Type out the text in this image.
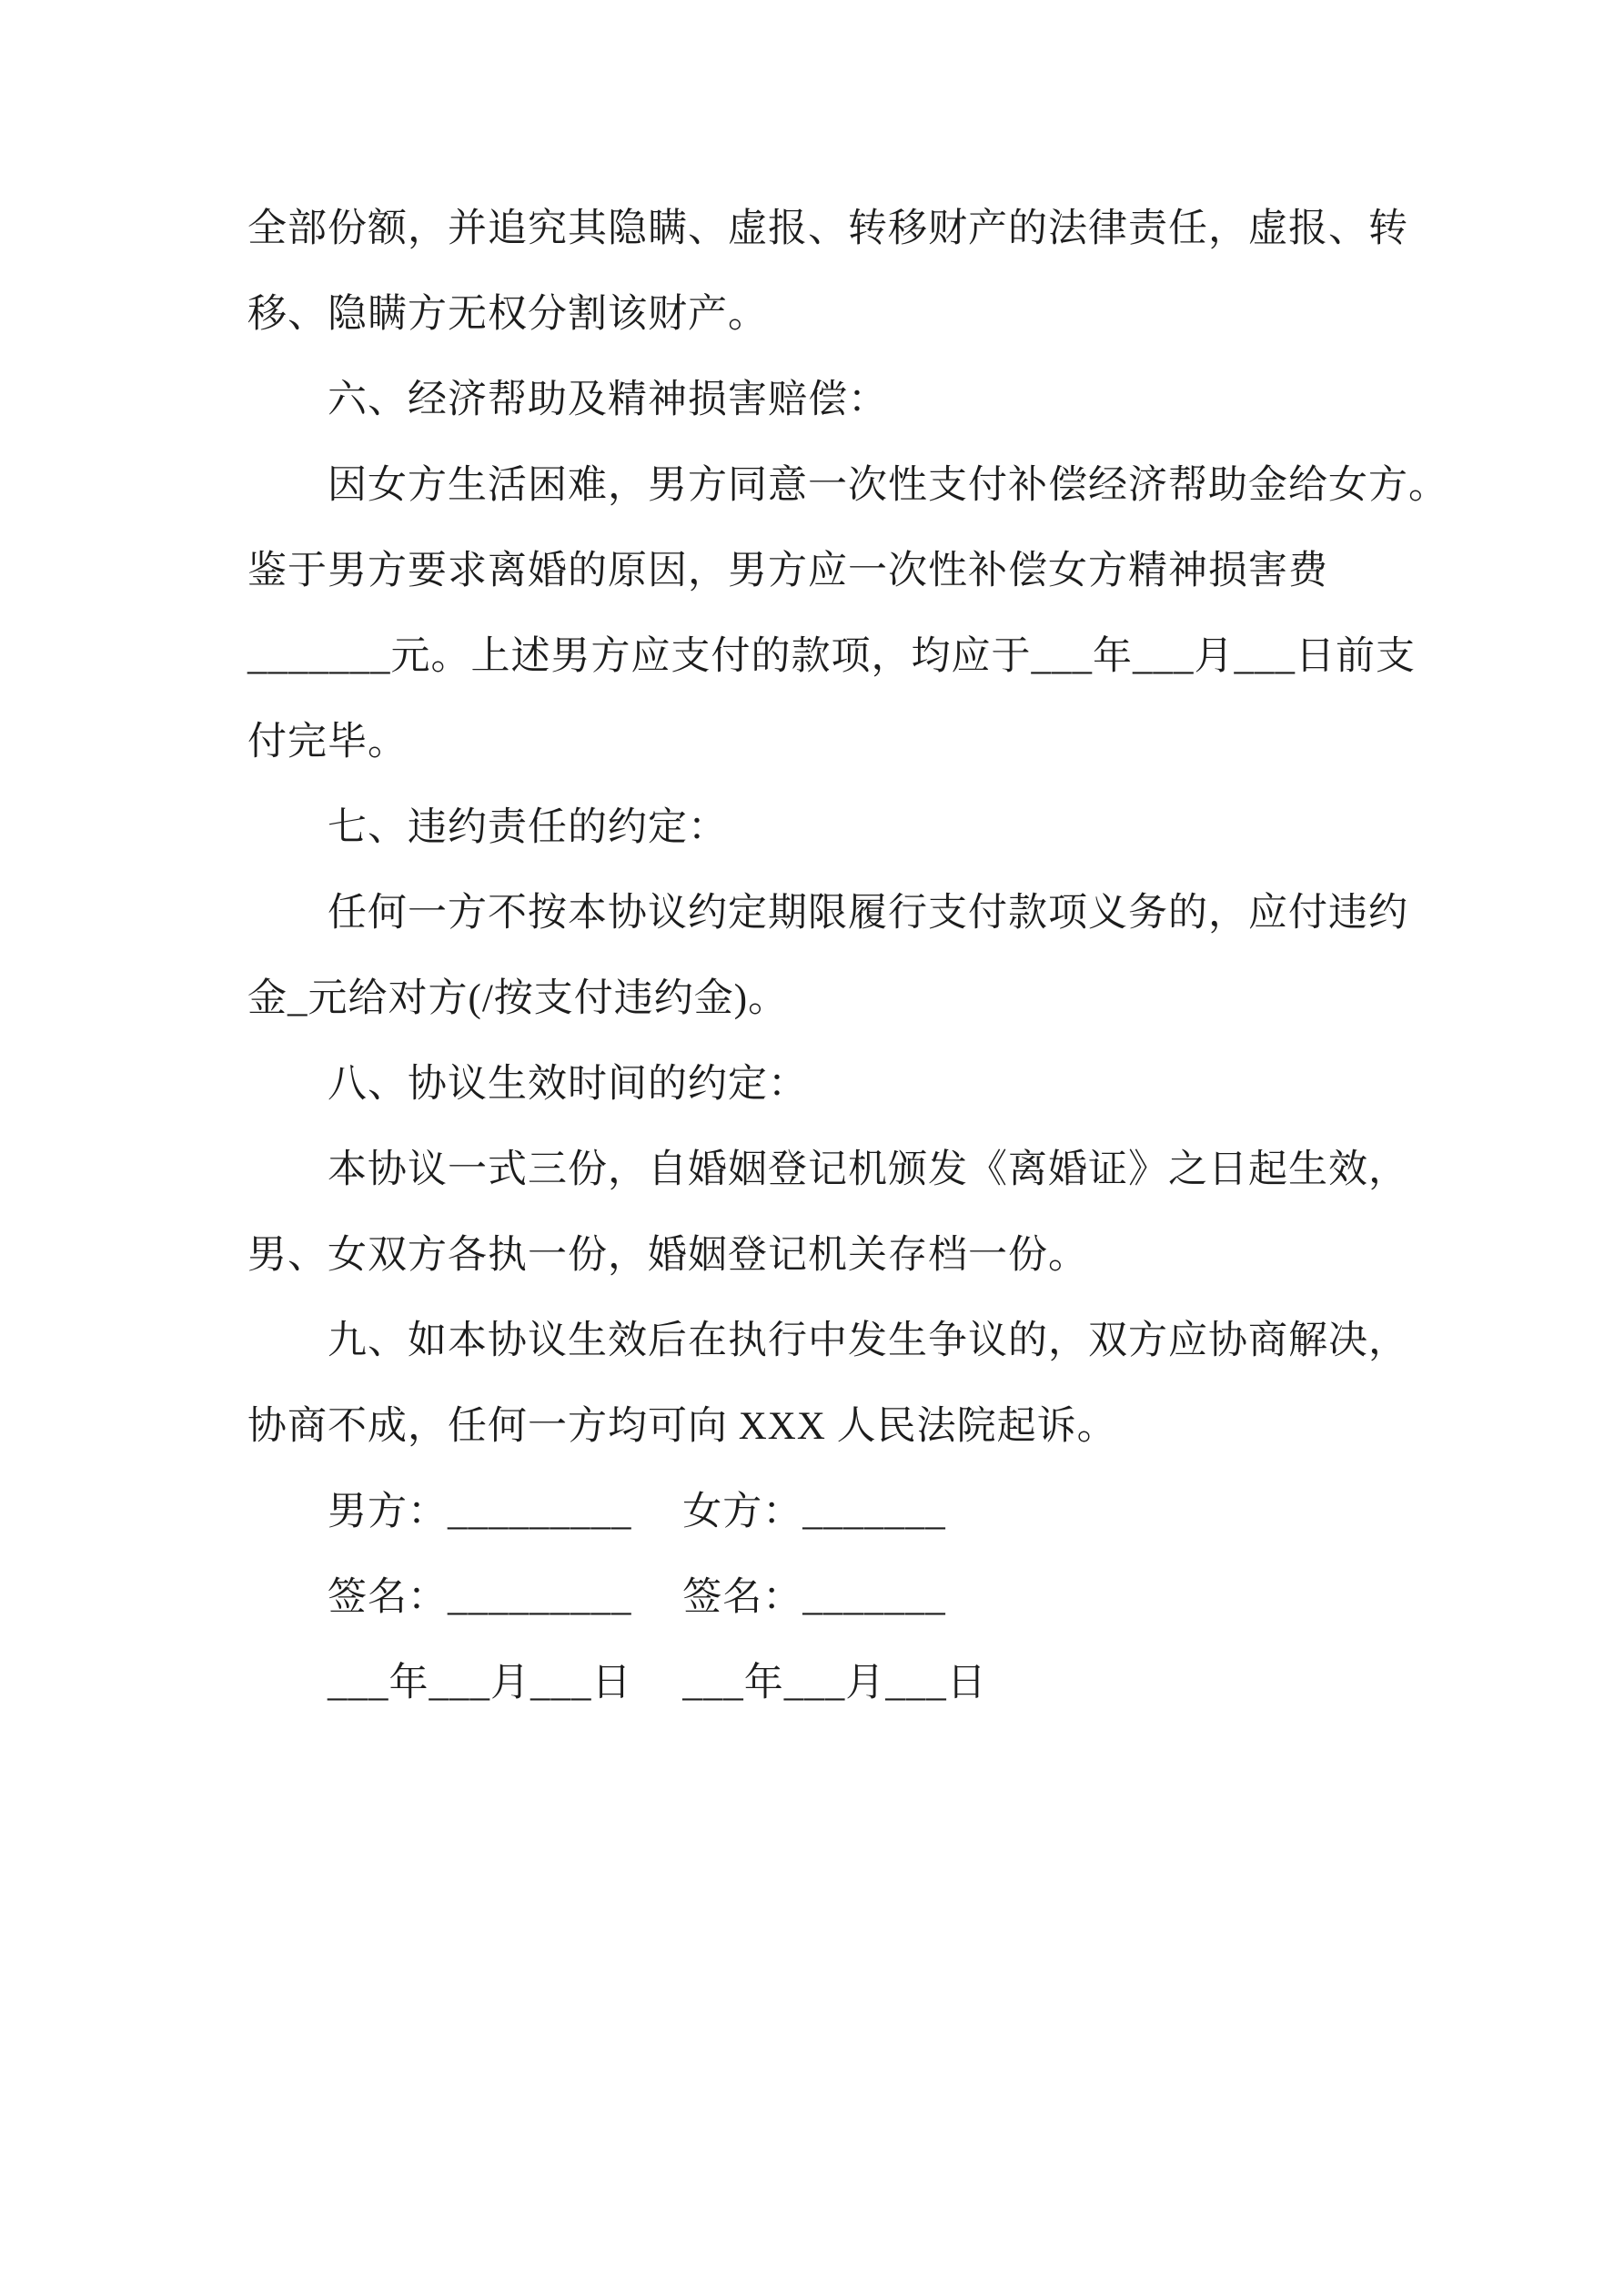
全部份额，并追究其隐瞒、虚报、转移财产的法律责任，虚报、转
移、隐瞒方无权分割该财产。
六、经济帮助及精神损害赔偿：
因女方生活困难，男方同意一次性支付补偿经济帮助金给女方。
鉴于男方要求离婚的原因，男方应一次性补偿女方精神损害费
_______元。上述男方应支付的款项，均应于___年___月___日前支
付完毕。
七、违约责任的约定：
任何一方不按本协议约定期限履行支付款项义务的，应付违约
金_元给对方(/按支付违约金)。
八、协议生效时间的约定：
本协议一式三份，自婚姻登记机颁发《离婚证》之日起生效，
男、女双方各执一份，婚姻登记机关存档一份。
九、如本协议生效后在执行中发生争议的，双方应协商解决，
协商不成，任何一方均可向 XXX 人民法院起诉。
男方：_________　 女方：_______
签名：_________　 签名：_______
___年___月___日　 ___年___月___日
